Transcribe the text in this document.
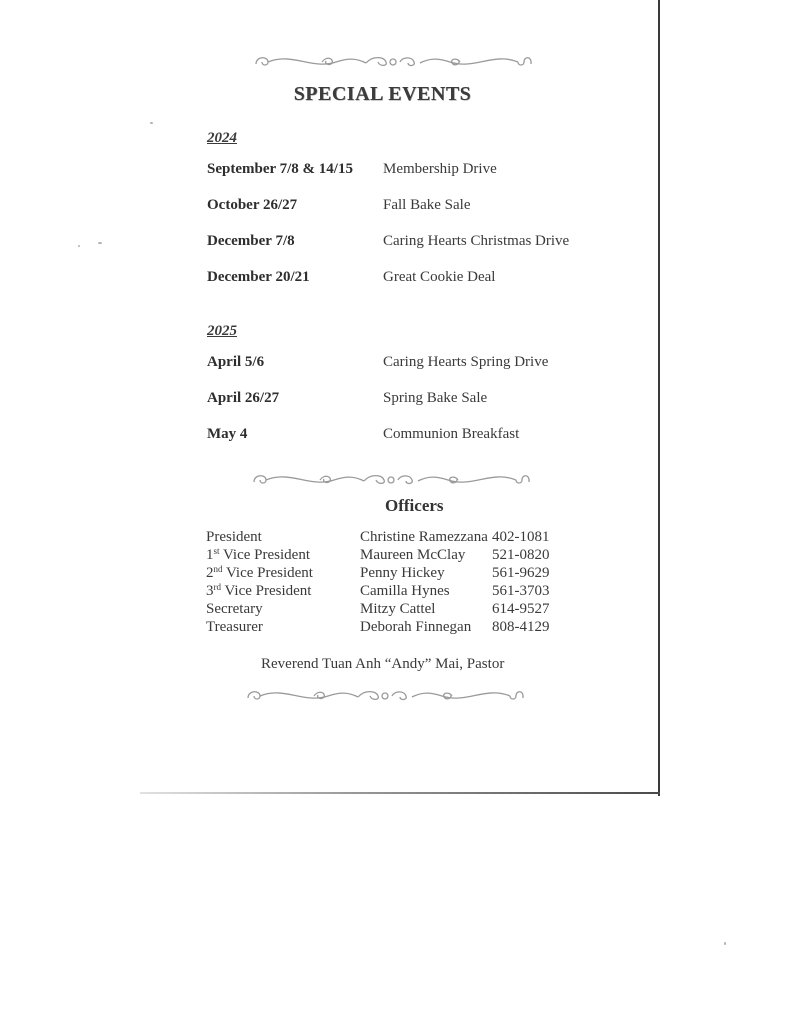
SPECIAL EVENTS
2024
September 7/8 & 14/15 Membership Drive
October 26/27	Fall Bake Sale
December 7/8	Caring Hearts Christmas Drive
December 20/21	Great Cookie Deal
2025
April 5/6	Caring Hearts Spring Drive
April 26/27	Spring Bake Sale
May 4	Communion Breakfast
Officers
President	Christine Ramezzana 402-1081
1st Vice President	Maureen McClay 521-0820
2nd Vice President	Penny Hickey	561-9629
3rd Vice President	Camilla Hynes	561-3703
Secretary	Mitzy Cattel	614-9527
Treasurer	Deborah Finnegan 808-4129
Reverend Tuan Anh “Andy” Mai, Pastor
